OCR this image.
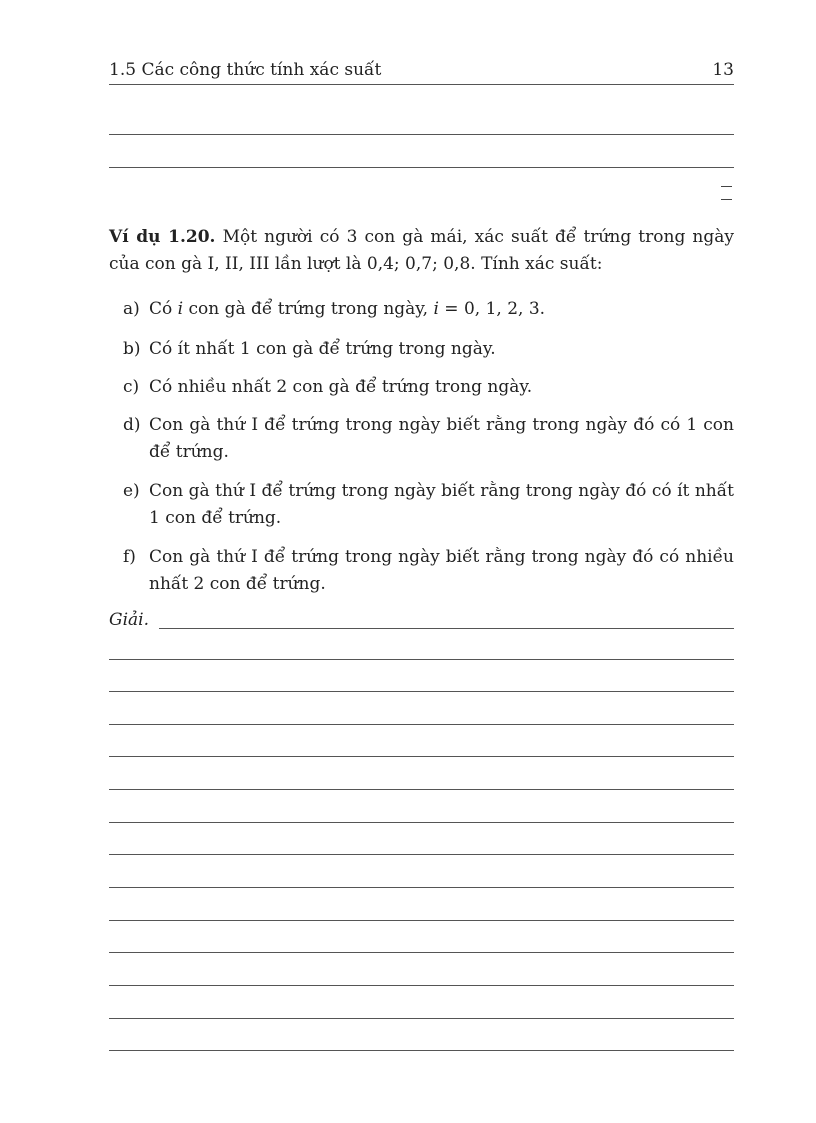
1.5 Các công thức tính xác suất	13
Ví dụ 1.20. Một người có 3 con gà mái, xác suất để trứng trong ngày của con gà I, II, III lần lượt là 0,4; 0,7; 0,8. Tính xác suất:
a) Có i con gà để trứng trong ngày, i = 0, 1, 2, 3.
b) Có ít nhất 1 con gà để trứng trong ngày.
c) Có nhiều nhất 2 con gà để trứng trong ngày.
d) Con gà thứ I để trứng trong ngày biết rằng trong ngày đó có 1 con để trứng.
e) Con gà thứ I để trứng trong ngày biết rằng trong ngày đó có ít nhất 1 con để trứng.
f) Con gà thứ I để trứng trong ngày biết rằng trong ngày đó có nhiều nhất 2 con để trứng.
Giải.
